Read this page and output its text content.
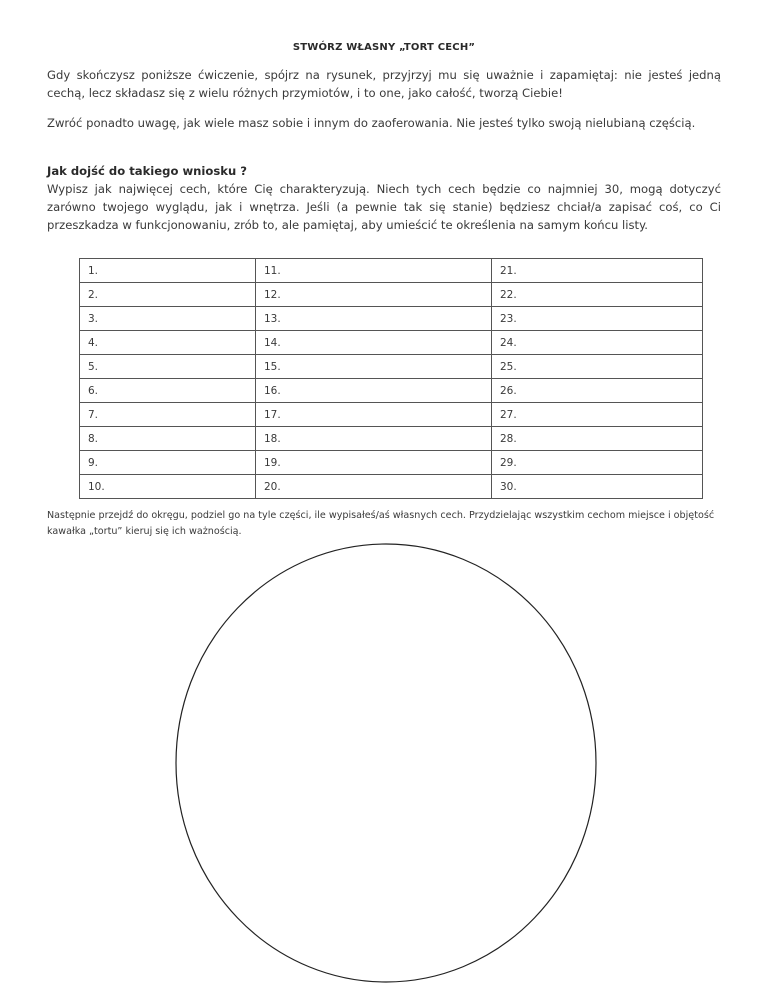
STWÓRZ WŁASNY „TORT CECH”
Gdy skończysz poniższe ćwiczenie, spójrz na rysunek, przyjrzyj mu się uważnie i zapamiętaj: nie jesteś jedną cechą, lecz składasz się z wielu różnych przymiotów, i to one, jako całość, tworzą Ciebie!
Zwróć ponadto uwagę, jak wiele masz sobie i innym do zaoferowania. Nie jesteś tylko swoją nielubianą częścią.
Jak dojść do takiego wniosku ?
Wypisz jak najwięcej cech, które Cię charakteryzują. Niech tych cech będzie co najmniej 30, mogą dotyczyć zarówno twojego wyglądu, jak i wnętrza. Jeśli (a pewnie tak się stanie) będziesz chciał/a zapisać coś, co Ci przeszkadza w funkcjonowaniu, zrób to, ale pamiętaj, aby umieścić te określenia na samym końcu listy.
1.	11.	21.
2.	12.	22.
3.	13.	23.
4.	14.	24.
5.	15.	25.
6.	16.	26.
7.	17.	27.
8.	18.	28.
9.	19.	29.
10.	20.	30.
Następnie przejdź do okręgu, podziel go na tyle części, ile wypisałeś/aś własnych cech. Przydzielając wszystkim cechom miejsce i objętość kawałka „tortu” kieruj się ich ważnością.
